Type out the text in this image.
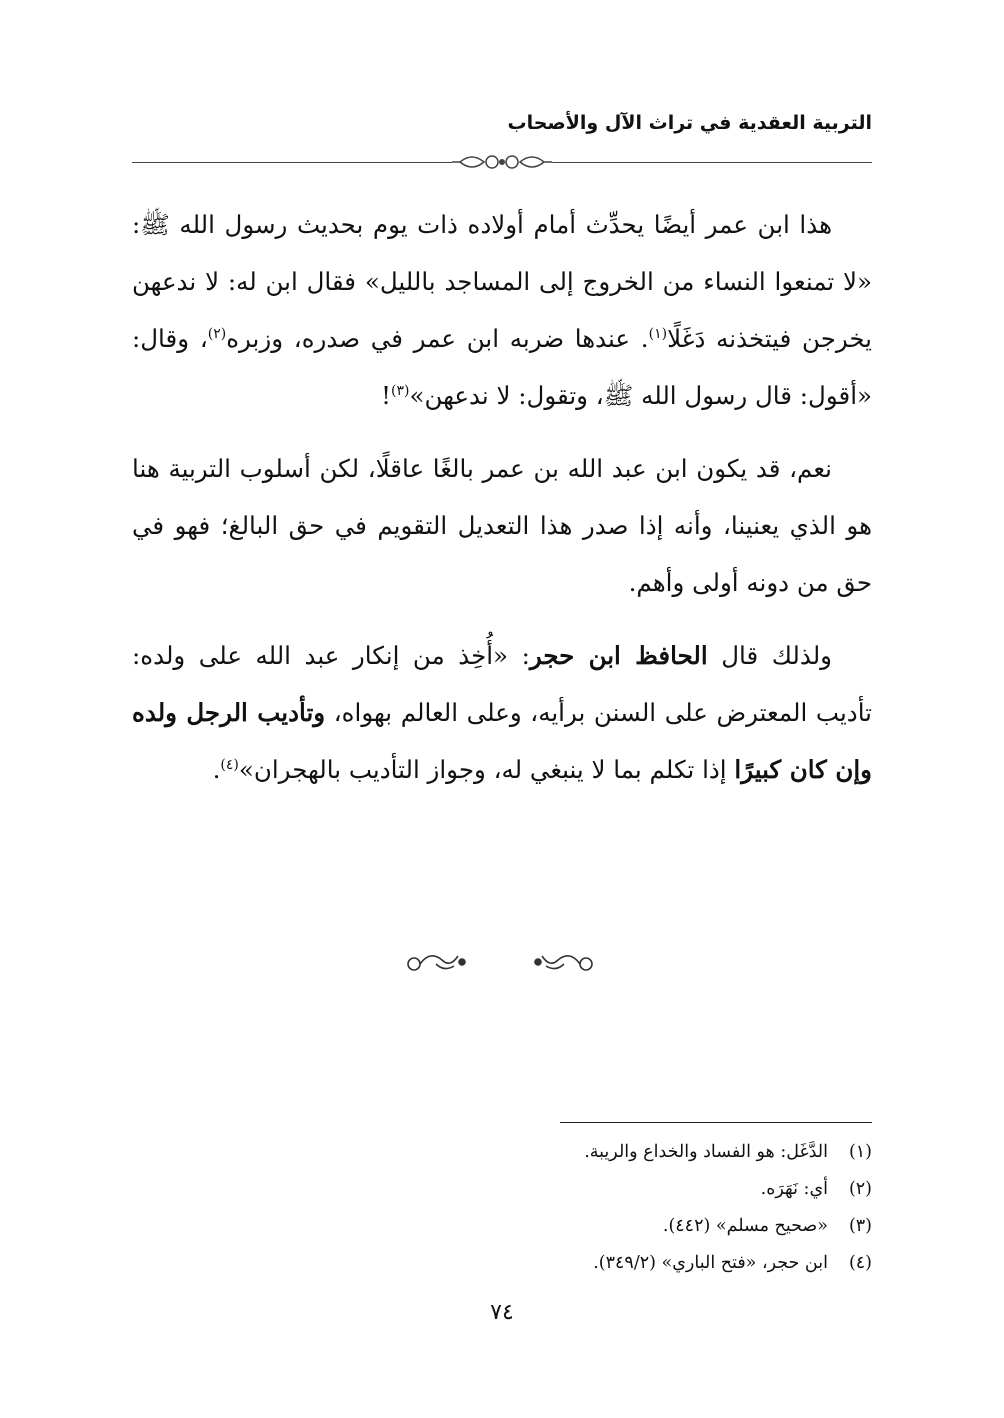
التربية العقدية في تراث الآل والأصحاب

هذا ابن عمر أيضًا يحدِّث أمام أولاده ذات يوم بحديث رسول الله ﷺ: «لا تمنعوا النساء من الخروج إلى المساجد بالليل» فقال ابن له: لا ندعهن يخرجن فيتخذنه دَغَلًا$^{(١)}$. عندها ضربه ابن عمر في صدره، وزبره$^{(٢)}$، وقال: «أقول: قال رسول الله ﷺ، وتقول: لا ندعهن»$^{(٣)}$!

نعم، قد يكون ابن عبد الله بن عمر بالغًا عاقلًا، لكن أسلوب التربية هنا هو الذي يعنينا، وأنه إذا صدر هذا التعديل التقويم في حق البالغ؛ فهو في حق من دونه أولى وأهم.

ولذلك قال الحافظ ابن حجر: «أُخِذ من إنكار عبد الله على ولده: تأديب المعترض على السنن برأيه، وعلى العالم بهواه، وتأديب الرجل ولده وإن كان كبيرًا إذا تكلم بما لا ينبغي له، وجواز التأديب بالهجران»$^{(٤)}$.

(١)
الدَّغَل: هو الفساد والخداع والريبة.
(٢)
أي: نَهَرَه.
(٣)
«صحيح مسلم» (٤٤٢).
(٤)
ابن حجر، «فتح الباري» (٣٤٩/٢).
٧٤
